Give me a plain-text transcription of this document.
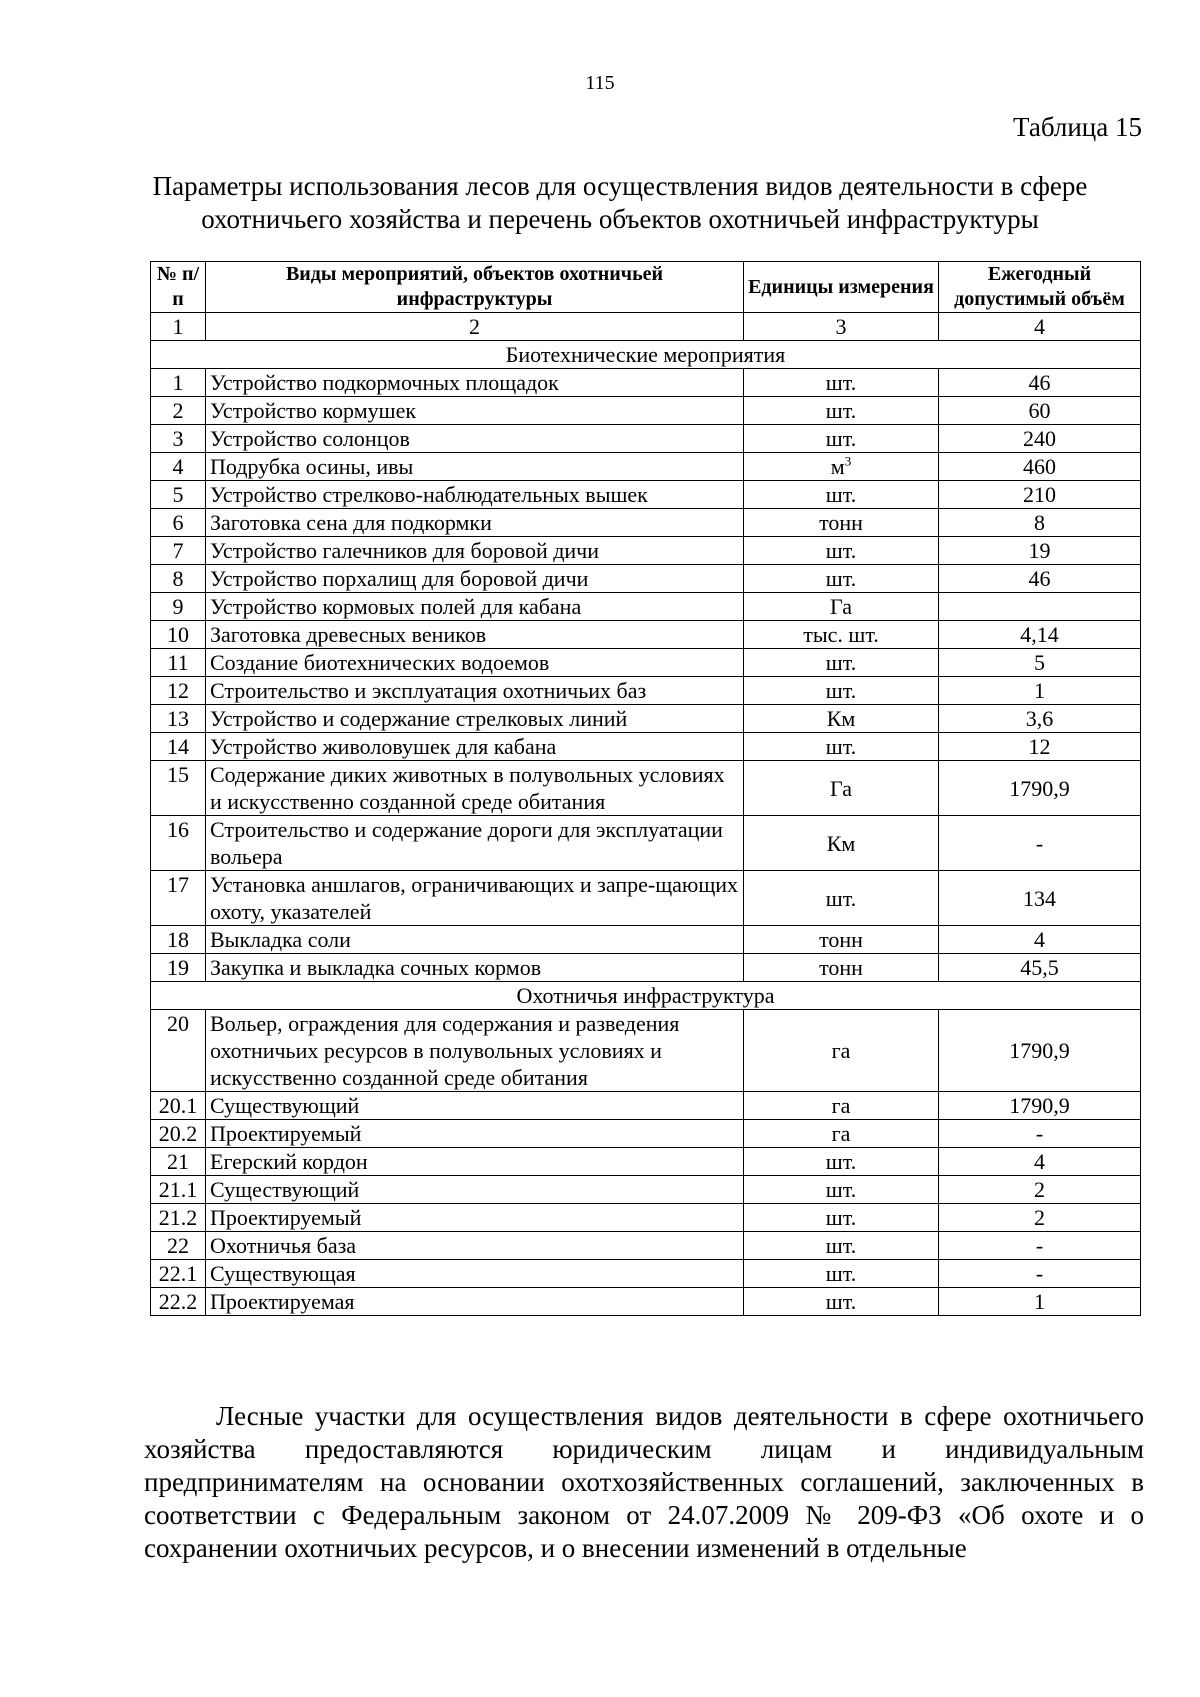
115
Таблица 15
Параметры использования лесов для осуществления видов деятельности в сфере охотничьего хозяйства и перечень объектов охотничьей инфраструктуры
№ п/п	Виды мероприятий, объектов охотничьей инфраструктуры	Единицы измерения	Ежегодный допустимый объём
1	2	3	4
Биотехнические мероприятия			
1	Устройство подкормочных площадок	шт.	46
2	Устройство кормушек	шт.	60
3	Устройство солонцов	шт.	240
4	Подрубка осины, ивы	$м^3$	460
5	Устройство стрелково-наблюдательных вышек	шт.	210
6	Заготовка сена для подкормки	тонн	8
7	Устройство галечников для боровой дичи	шт.	19
8	Устройство порхалищ для боровой дичи	шт.	46
9	Устройство кормовых полей для кабана	Га	
10	Заготовка древесных веников	тыс. шт.	4,14
11	Создание биотехнических водоемов	шт.	5
12	Строительство и эксплуатация охотничьих баз	шт.	1
13	Устройство и содержание стрелковых линий	Км	3,6
14	Устройство живоловушек для кабана	шт.	12
15	Содержание диких животных в полувольных условиях и искусственно созданной среде обитания	Га	1790,9
16	Строительство и содержание дороги для эксплуатации вольера	Км	-
17	Установка аншлагов, ограничивающих и запре-щающих охоту, указателей	шт.	134
18	Выкладка соли	тонн	4
19	Закупка и выкладка сочных кормов	тонн	45,5
Охотничья инфраструктура			
20	Вольер, ограждения для содержания и разведения охотничьих ресурсов в полувольных условиях и искусственно созданной среде обитания	га	1790,9
20.1	Существующий	га	1790,9
20.2	Проектируемый	га	-
21	Егерский кордон	шт.	4
21.1	Существующий	шт.	2
21.2	Проектируемый	шт.	2
22	Охотничья база	шт.	-
22.1	Существующая	шт.	-
22.2	Проектируемая	шт.	1
Лесные участки для осуществления видов деятельности в сфере охотничьего хозяйства предоставляются юридическим лицам и индивидуальным предпринимателям на основании охотхозяйственных соглашений, заключенных в соответствии с Федеральным законом от 24.07.2009 № 209-ФЗ «Об охоте и о сохранении охотничьих ресурсов, и о внесении изменений в отдельные
